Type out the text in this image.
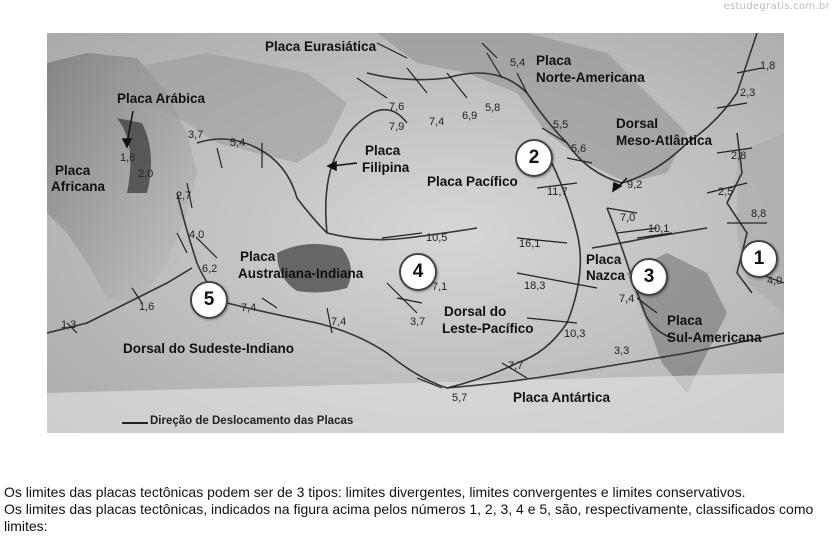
estudegratis.com.br
Placa Eurasiática
Placa Arábica
Placa
Africana
Placa
Filipina
Placa Pacífico
Placa
Norte-Americana
Dorsal
Meso-Atlântica
Placa
Australiana-Indiana
Placa
Nazca
Placa
Sul-Americana
Dorsal do
Leste-Pacífico
Dorsal do Sudeste-Indiano
Placa Antártica
1,8
2,3
2,8
2,5
8,8
4,0
5,4
5,5
5,6
7,6
7,9 7,4 6,9
5,8
3,7
5,4
1,6
2,0
2,7
4,0
6,2
1,6
1,3
7,4
7,4
11,7
9,2
7,0
10,1
10,5	16,1
18,3
7,1
3,7
10,3
7,4
3,3
7,7
5,7
1
2
3
4
5
Direção de Deslocamento das Placas

Os limites das placas tectônicas podem ser de 3 tipos: limites divergentes, limites convergentes e limites conservativos.

Os limites das placas tectônicas, indicados na figura acima pelos números 1, 2, 3, 4 e 5, são, respectivamente, classificados como limites:
